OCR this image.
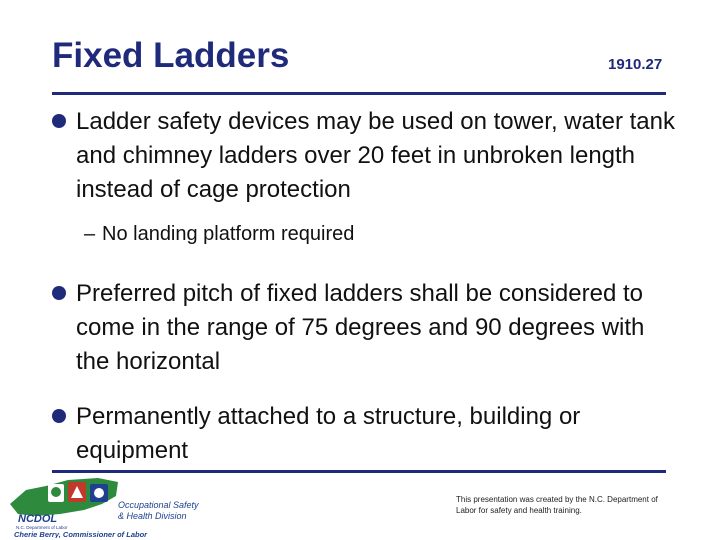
Fixed Ladders	1910.27
Ladder safety devices may be used on tower, water tank and chimney ladders over 20 feet in unbroken length instead of cage protection
– No landing platform required
Preferred pitch of fixed ladders shall be considered to come in the range of 75 degrees and 90 degrees with the horizontal
Permanently attached to a structure, building or equipment
NCDOL
N.C. Department of Labor
Occupational Safety
& Health Division
Cherie Berry, Commissioner of Labor
This presentation was created by the N.C. Department of Labor for safety and health training.
